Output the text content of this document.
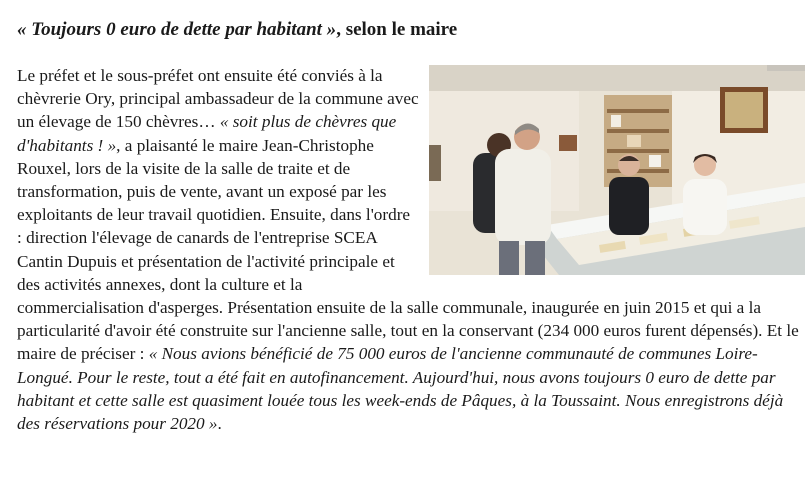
« Toujours 0 euro de dette par habitant », selon le maire

Le préfet et le sous-préfet ont ensuite été conviés à la chèvrerie Ory, principal ambassadeur de la commune avec un élevage de 150 chèvres… « soit plus de chèvres que d'habitants ! », a plaisanté le maire Jean-Christophe Rouxel, lors de la visite de la salle de traite et de transformation, puis de vente, avant un exposé par les exploitants de leur travail quotidien. Ensuite, dans l'ordre : direction l'élevage de canards de l'entreprise SCEA Cantin Dupuis et présentation de l'activité principale et des activités annexes, dont la culture et la commercialisation d'asperges. Présentation ensuite de la salle communale, inaugurée en juin 2015 et qui a la particularité d'avoir été construite sur l'ancienne salle, tout en la conservant (234 000 euros furent dépensés). Et le maire de préciser : « Nous avions bénéficié de 75 000 euros de l'ancienne communauté de communes Loire-Longué. Pour le reste, tout a été fait en autofinancement. Aujourd'hui, nous avons toujours 0 euro de dette par habitant et cette salle est quasiment louée tous les week-ends de Pâques, à la Toussaint. Nous enregistrons déjà des réservations pour 2020 ».
